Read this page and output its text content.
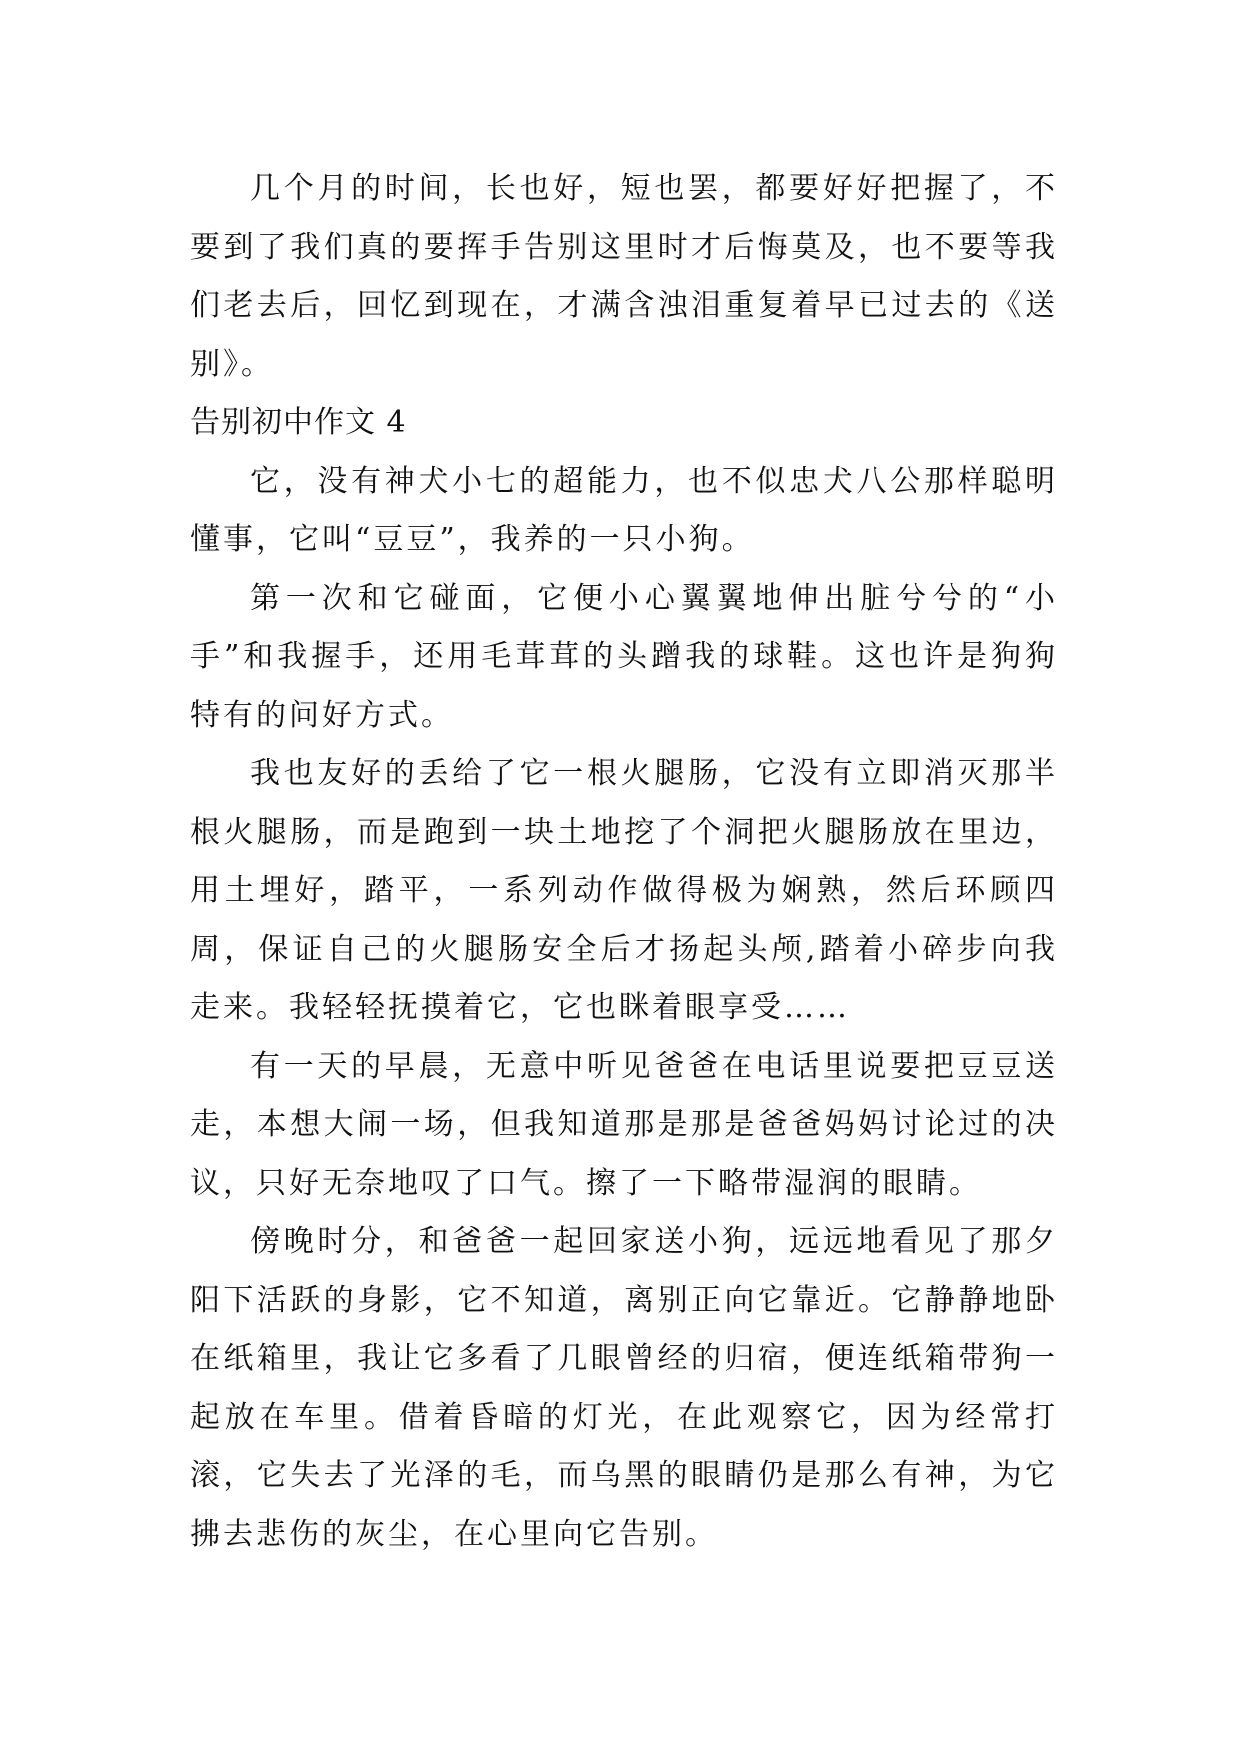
几个月的时间，长也好，短也罢，都要好好把握了，不要到了我们真的要挥手告别这里时才后悔莫及，也不要等我们老去后，回忆到现在，才满含浊泪重复着早已过去的《送别》。

告别初中作文 4

它，没有神犬小七的超能力，也不似忠犬八公那样聪明懂事，它叫“豆豆”，我养的一只小狗。

第一次和它碰面，它便小心翼翼地伸出脏兮兮的“小手”和我握手，还用毛茸茸的头蹭我的球鞋。这也许是狗狗特有的问好方式。

我也友好的丢给了它一根火腿肠，它没有立即消灭那半根火腿肠，而是跑到一块土地挖了个洞把火腿肠放在里边，用土埋好，踏平，一系列动作做得极为娴熟，然后环顾四周，保证自己的火腿肠安全后才扬起头颅,踏着小碎步向我走来。我轻轻抚摸着它，它也眯着眼享受……

有一天的早晨，无意中听见爸爸在电话里说要把豆豆送走，本想大闹一场，但我知道那是那是爸爸妈妈讨论过的决议，只好无奈地叹了口气。擦了一下略带湿润的眼睛。

傍晚时分，和爸爸一起回家送小狗，远远地看见了那夕阳下活跃的身影，它不知道，离别正向它靠近。它静静地卧在纸箱里，我让它多看了几眼曾经的归宿，便连纸箱带狗一起放在车里。借着昏暗的灯光，在此观察它，因为经常打滚，它失去了光泽的毛，而乌黑的眼睛仍是那么有神，为它拂去悲伤的灰尘，在心里向它告别。
